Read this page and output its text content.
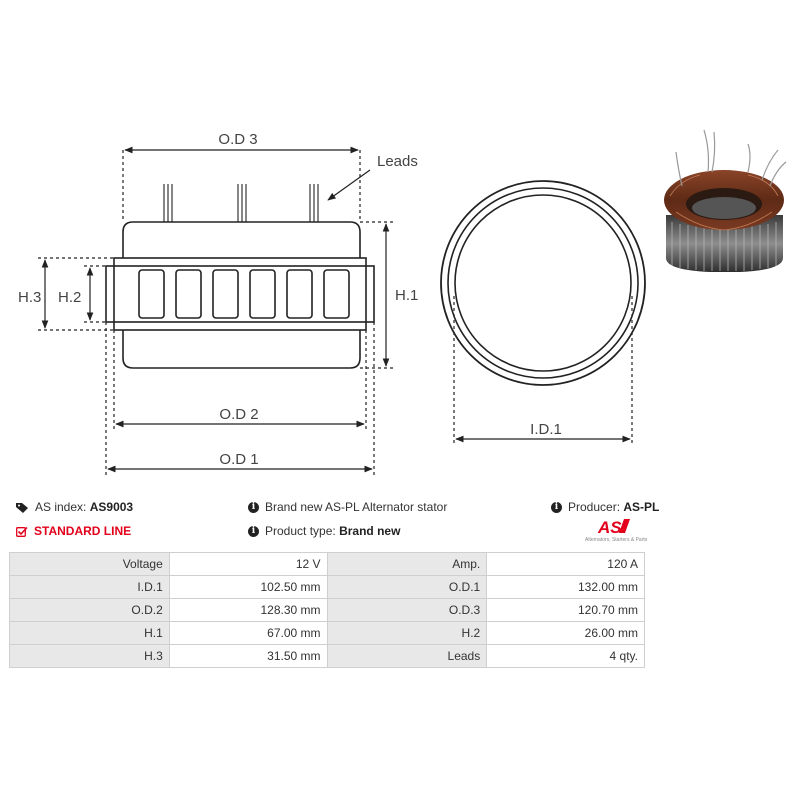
O.D 3
Leads
H.1
H.3 H.2
O.D 2
O.D 1
I.D.1
AS index:
AS9003
STANDARD LINE
i Brand new AS-PL Alternator stator
i Product type:
Brand new
i Producer:
AS-PL
AS
Alternators, Starters & Parts
Voltage	12 V	Amp.	120 A
I.D.1	102.50 mm	O.D.1	132.00 mm
O.D.2	128.30 mm	O.D.3	120.70 mm
H.1	67.00 mm	H.2	26.00 mm
H.3	31.50 mm	Leads	4 qty.
